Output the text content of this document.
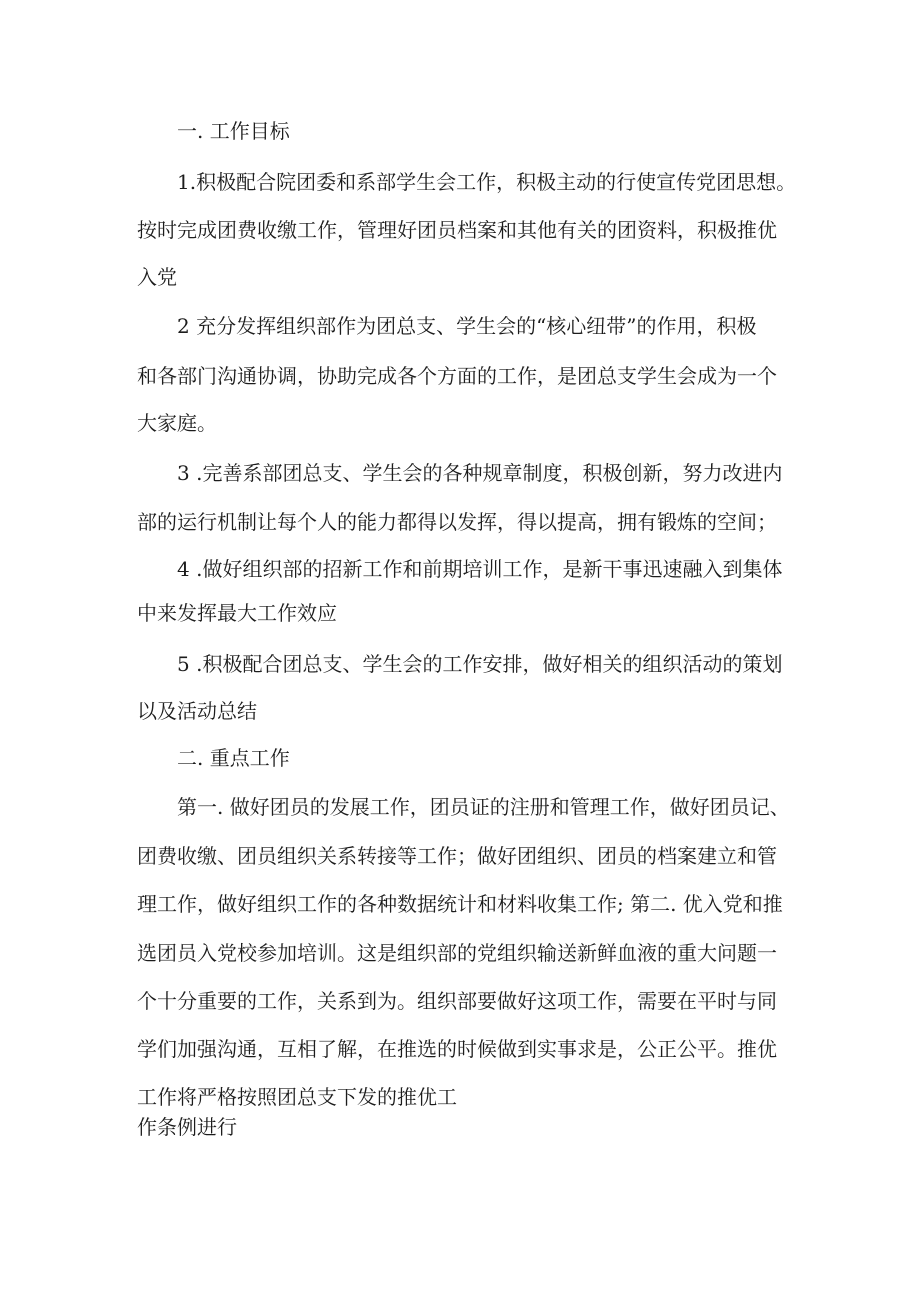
一. 工作目标
1.积极配合院团委和系部学生会工作，积极主动的行使宣传党团思想。
按时完成团费收缴工作，管理好团员档案和其他有关的团资料，积极推优
入党
2 充分发挥组织部作为团总支、学生会的“核心纽带”的作用，积极
和各部门沟通协调，协助完成各个方面的工作，是团总支学生会成为一个
大家庭。
3 .完善系部团总支、学生会的各种规章制度，积极创新，努力改进内
部的运行机制让每个人的能力都得以发挥，得以提高，拥有锻炼的空间；
4 .做好组织部的招新工作和前期培训工作，是新干事迅速融入到集体
中来发挥最大工作效应
5 .积极配合团总支、学生会的工作安排，做好相关的组织活动的策划
以及活动总结
二. 重点工作
第一. 做好团员的发展工作，团员证的注册和管理工作，做好团员记、
团费收缴、团员组织关系转接等工作；做好团组织、团员的档案建立和管
理工作，做好组织工作的各种数据统计和材料收集工作; 第二. 优入党和推
选团员入党校参加培训。这是组织部的党组织输送新鲜血液的重大问题一
个十分重要的工作，关系到为。组织部要做好这项工作，需要在平时与同
学们加强沟通，互相了解，在推选的时候做到实事求是，公正公平。推优
工作将严格按照团总支下发的推优工
作条例进行
